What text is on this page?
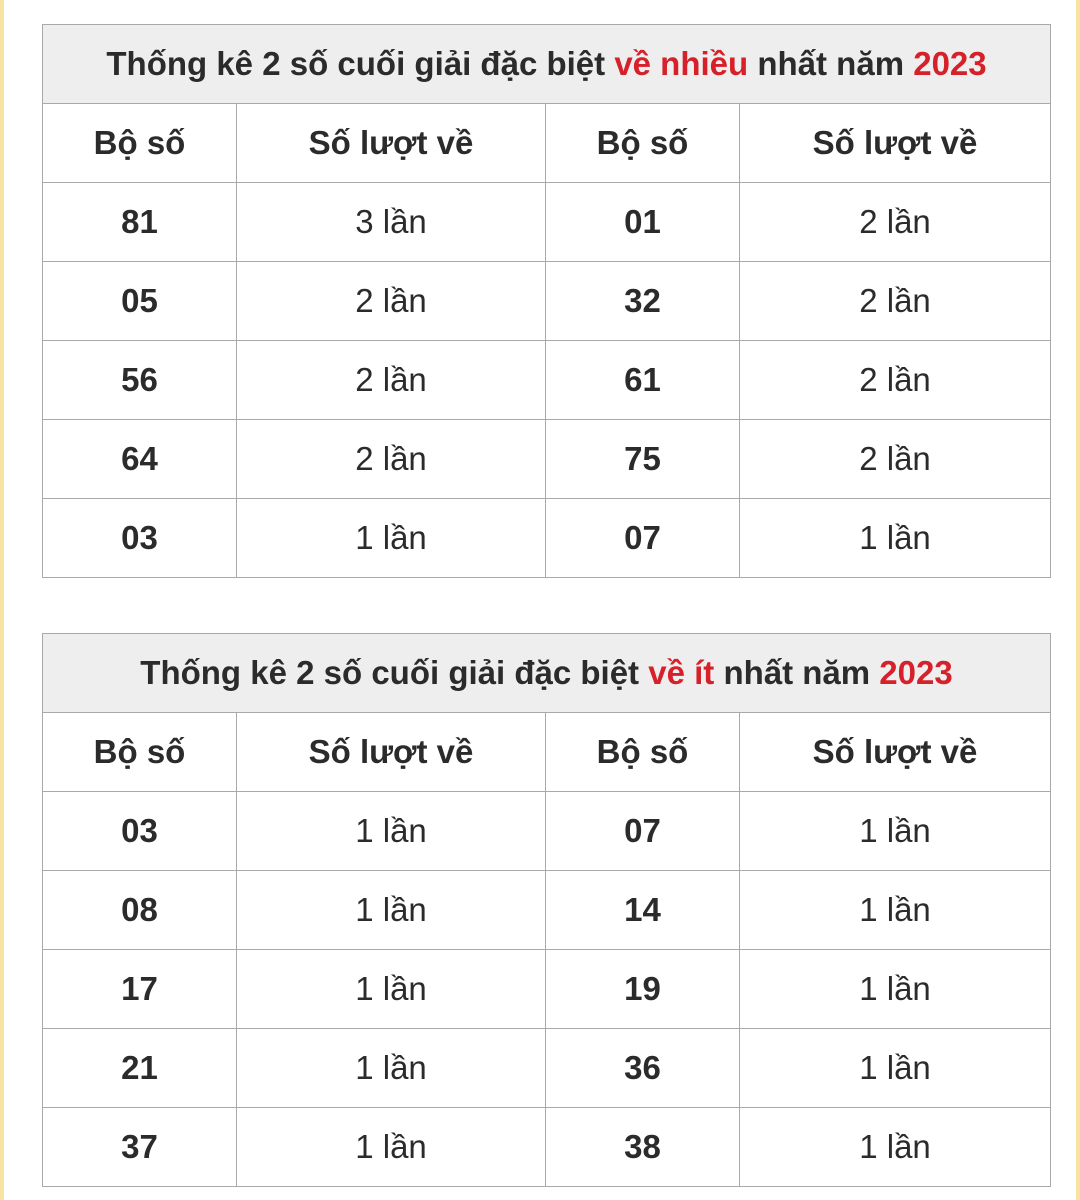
Thống kê 2 số cuối giải đặc biệt về nhiều nhất năm 2023			
Bộ số	Số lượt về	Bộ số	Số lượt về
81	3 lần	01	2 lần
05	2 lần	32	2 lần
56	2 lần	61	2 lần
64	2 lần	75	2 lần
03	1 lần	07	1 lần
Thống kê 2 số cuối giải đặc biệt về ít nhất năm 2023			
Bộ số	Số lượt về	Bộ số	Số lượt về
03	1 lần	07	1 lần
08	1 lần	14	1 lần
17	1 lần	19	1 lần
21	1 lần	36	1 lần
37	1 lần	38	1 lần
